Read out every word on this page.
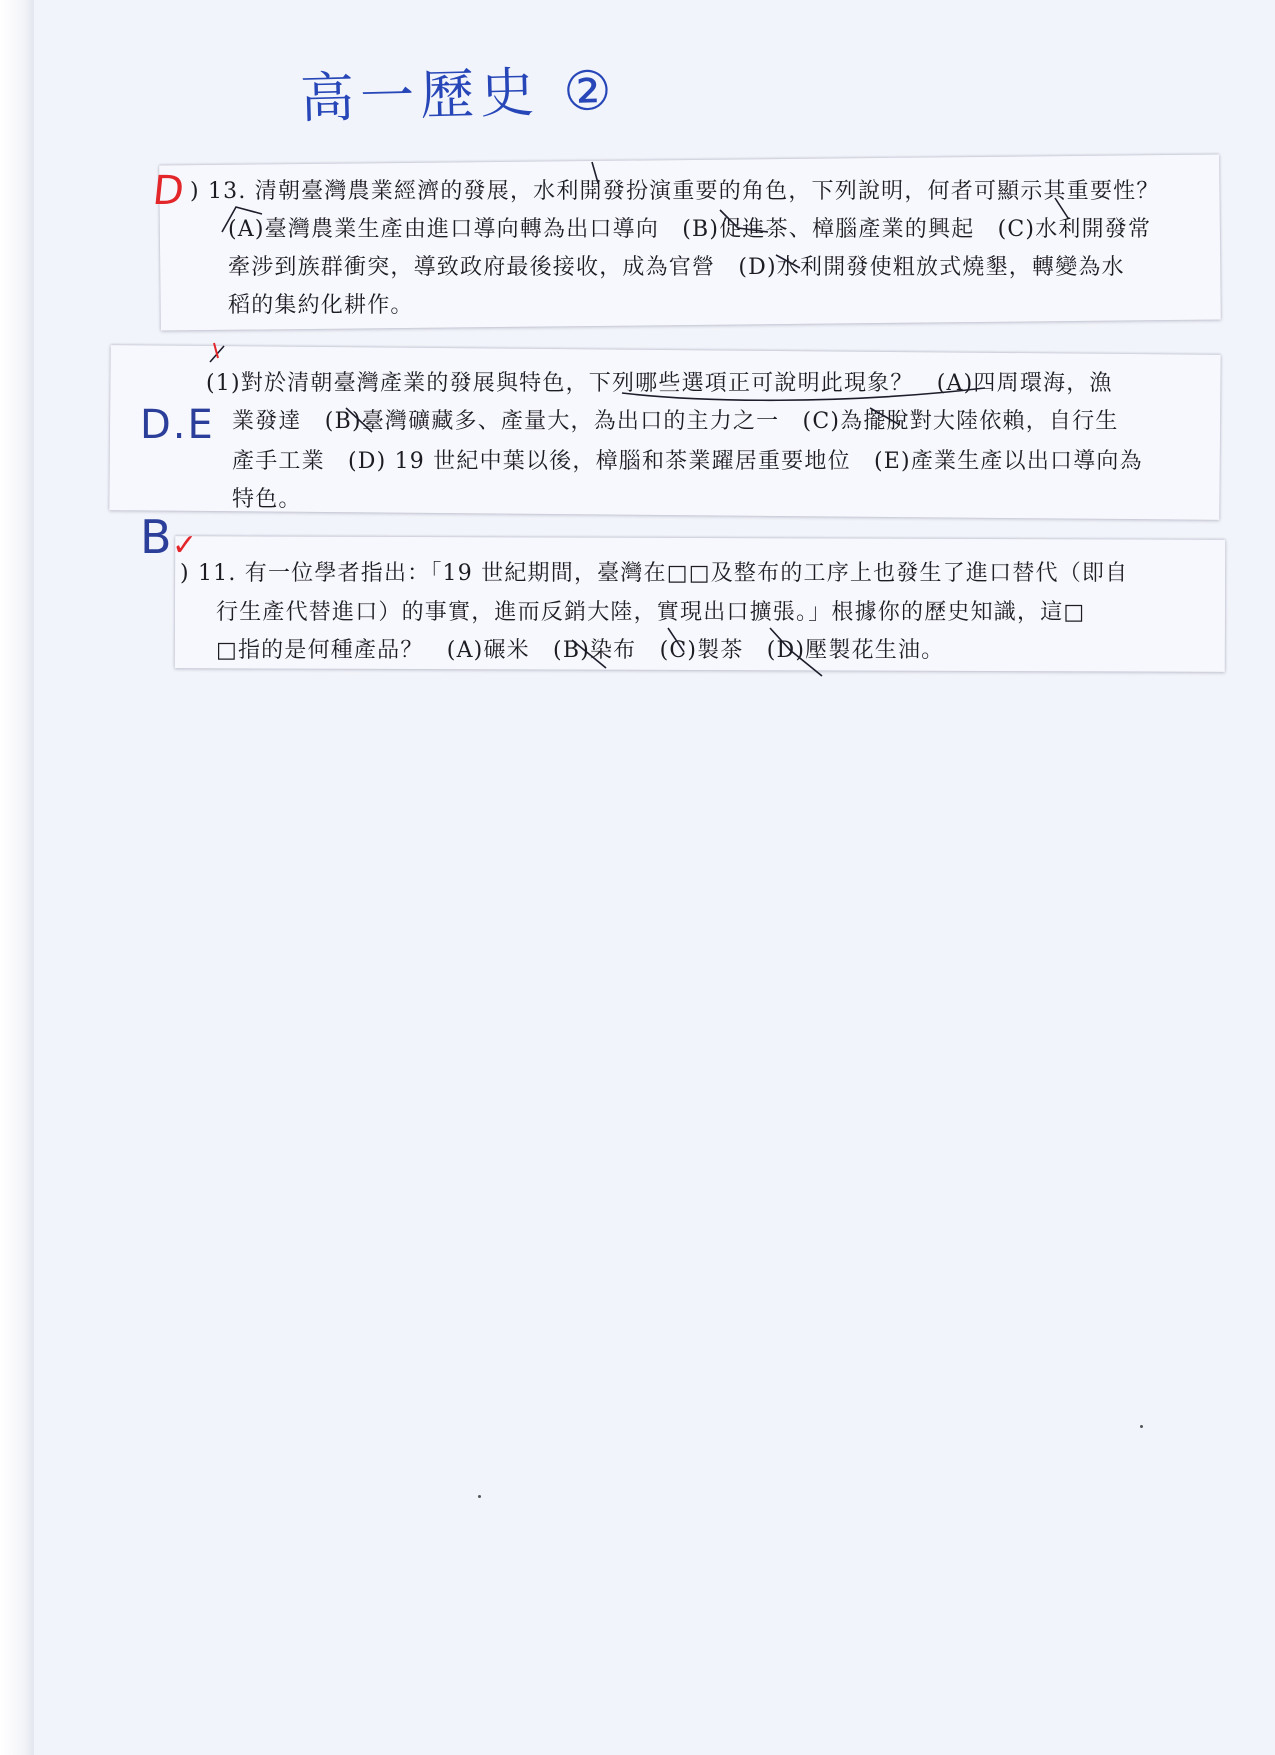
高一歷史 ②
D ) 13. 清朝臺灣農業經濟的發展，水利開發扮演重要的角色，下列說明，何者可顯示其重要性？
(A)臺灣農業生產由進口導向轉為出口導向　(B)促進茶、樟腦產業的興起　(C)水利開發常
牽涉到族群衝突，導致政府最後接收，成為官營　(D)水利開發使粗放式燒墾，轉變為水
稻的集約化耕作。
D.E
(1)對於清朝臺灣產業的發展與特色，下列哪些選項正可說明此現象？　(A)四周環海，漁
業發達　(B)臺灣礦藏多、產量大，為出口的主力之一　(C)為擺脫對大陸依賴，自行生
產手工業　(D) 19 世紀中葉以後，樟腦和茶業躍居重要地位　(E)產業生產以出口導向為
特色。
B ✓
) 11. 有一位學者指出：「19 世紀期間，臺灣在□□及整布的工序上也發生了進口替代（即自
行生產代替進口）的事實，進而反銷大陸，實現出口擴張。」根據你的歷史知識，這□
□指的是何種產品？　(A)碾米　(B)染布　(C)製茶　(D)壓製花生油。
